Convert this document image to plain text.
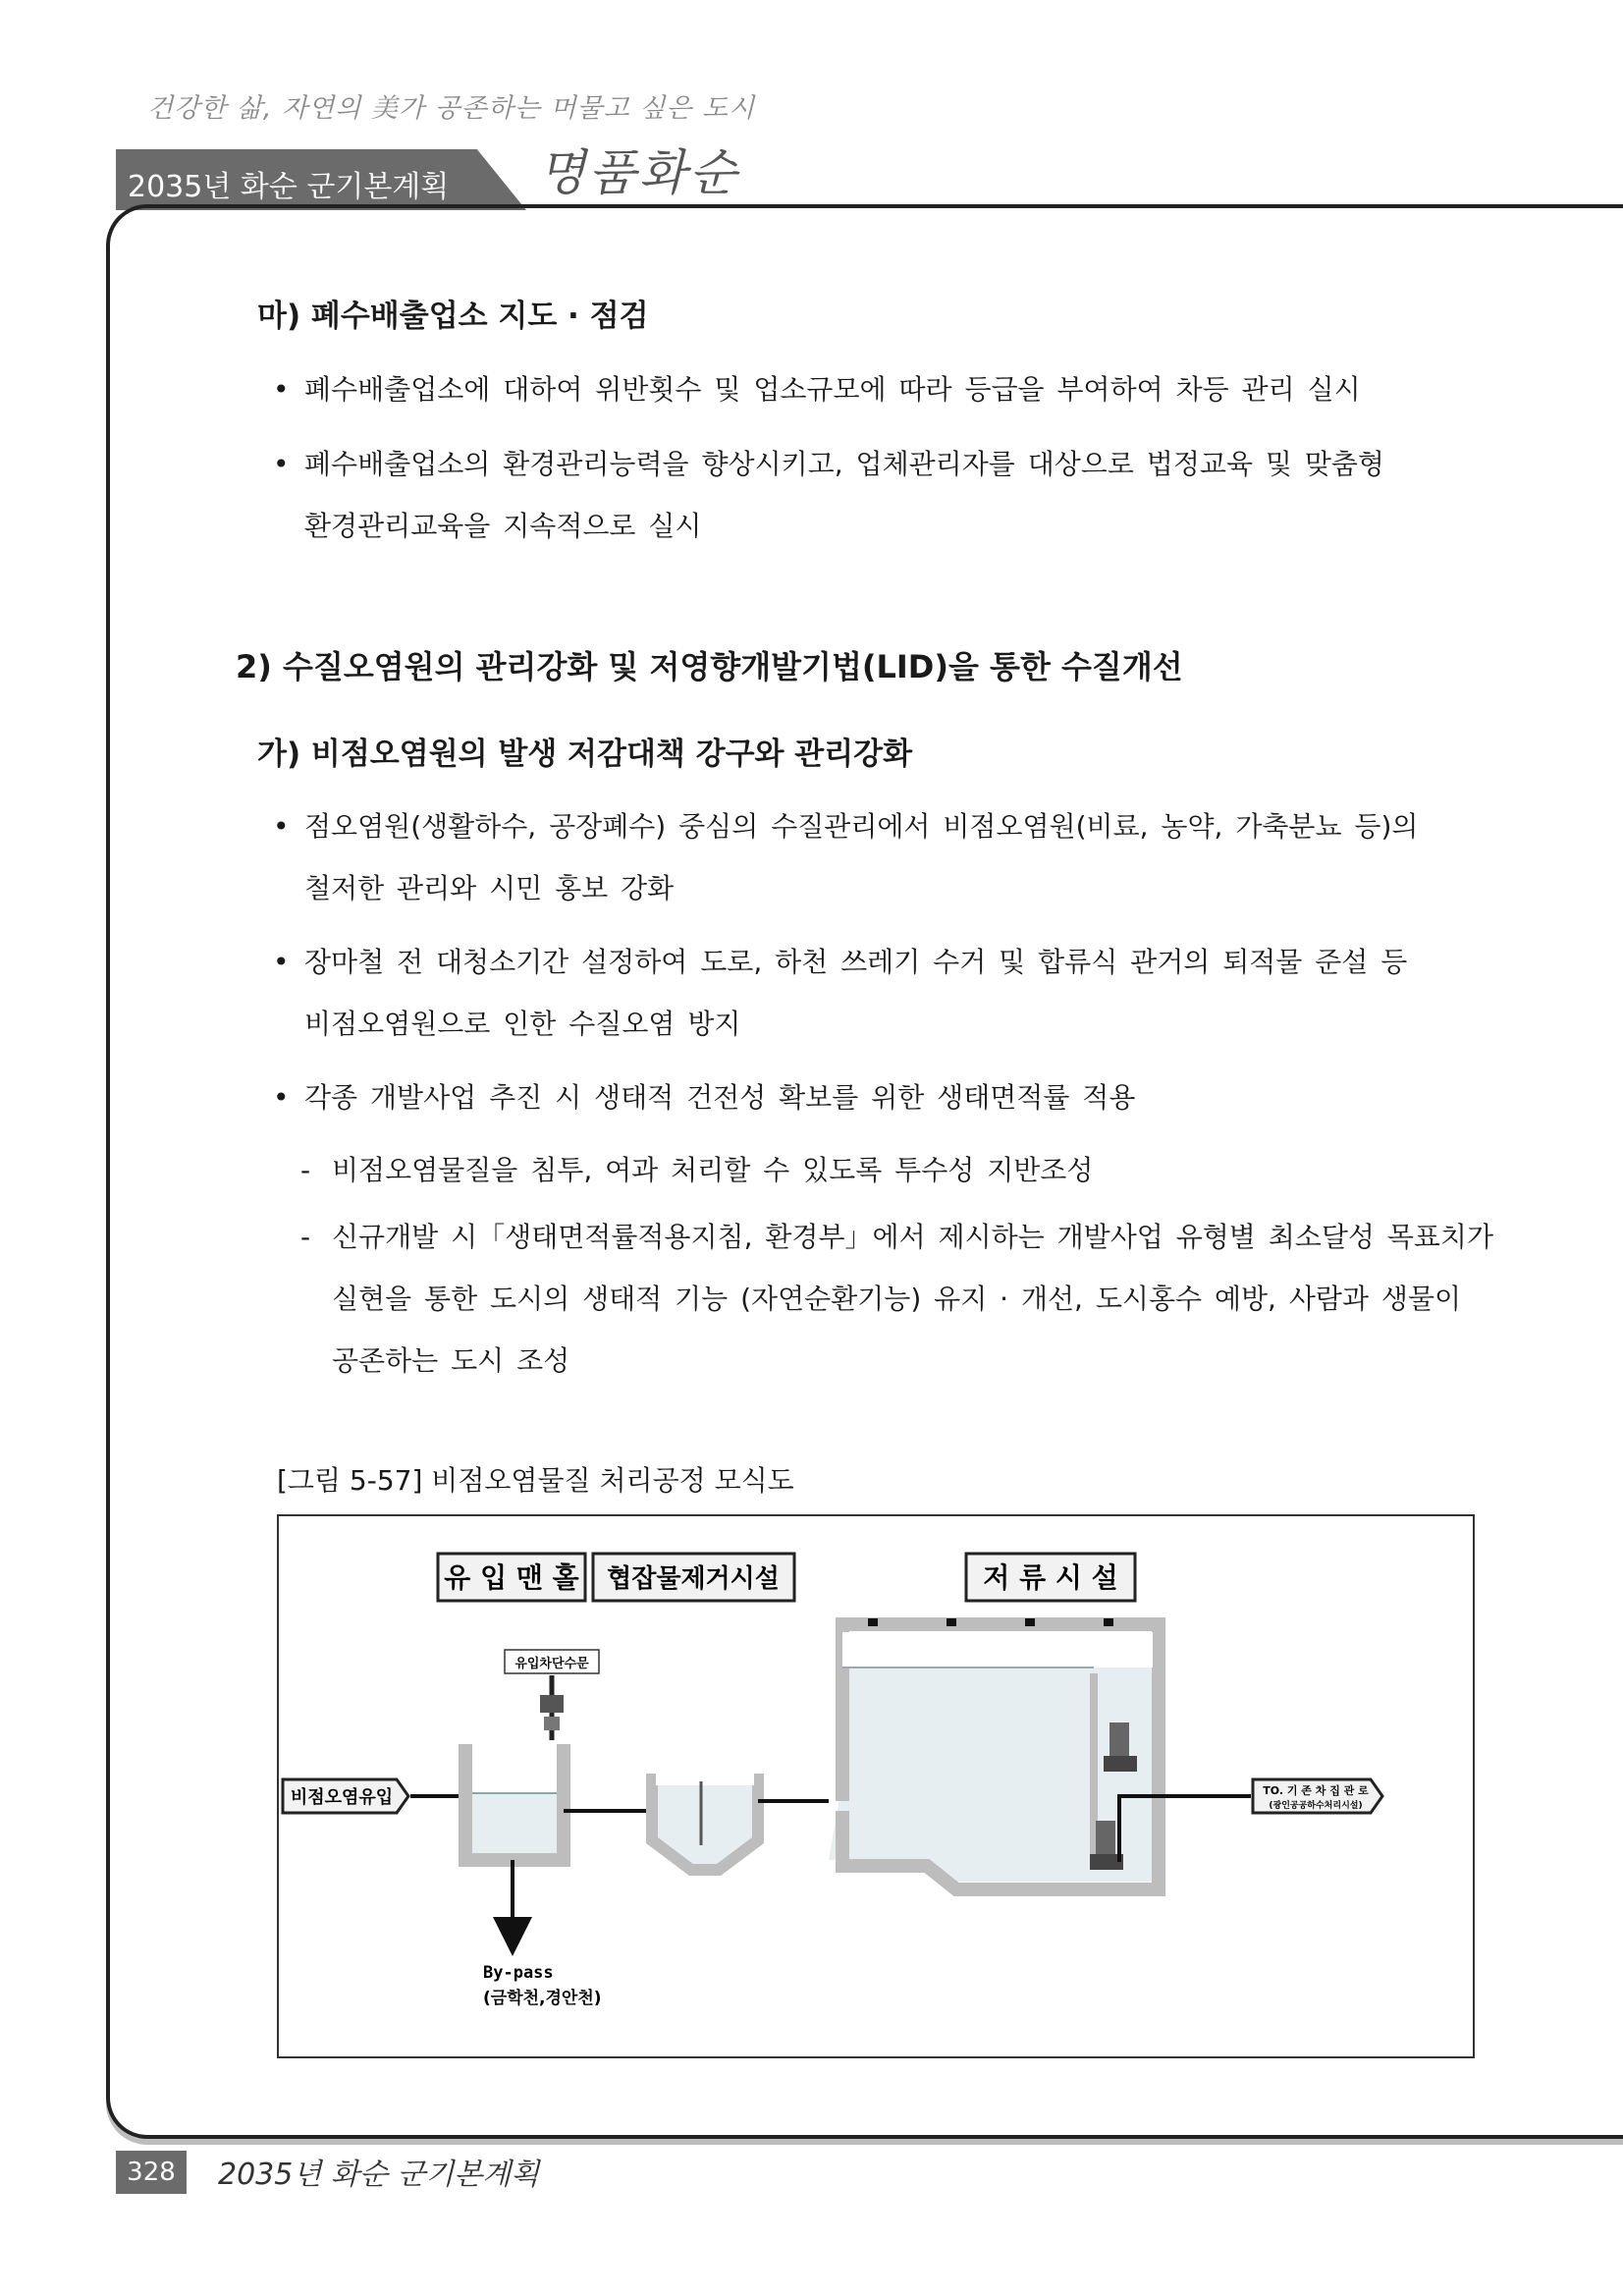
건강한 삶, 자연의 美가 공존하는 머물고 싶은 도시
2035년 화순 군기본계획 명품화순
마) 폐수배출업소 지도 · 점검
• 폐수배출업소에 대하여 위반횟수 및 업소규모에 따라 등급을 부여하여 차등 관리 실시
• 폐수배출업소의 환경관리능력을 향상시키고, 업체관리자를 대상으로 법정교육 및 맞춤형
환경관리교육을 지속적으로 실시
2) 수질오염원의 관리강화 및 저영향개발기법(LID)을 통한 수질개선
가) 비점오염원의 발생 저감대책 강구와 관리강화
• 점오염원(생활하수, 공장폐수) 중심의 수질관리에서 비점오염원(비료, 농약, 가축분뇨 등)의
철저한 관리와 시민 홍보 강화
• 장마철 전 대청소기간 설정하여 도로, 하천 쓰레기 수거 및 합류식 관거의 퇴적물 준설 등
비점오염원으로 인한 수질오염 방지
• 각종 개발사업 추진 시 생태적 건전성 확보를 위한 생태면적률 적용
- 비점오염물질을 침투, 여과 처리할 수 있도록 투수성 지반조성
- 신규개발 시「생태면적률적용지침, 환경부」에서 제시하는 개발사업 유형별 최소달성 목표치가
실현을 통한 도시의 생태적 기능 (자연순환기능) 유지 · 개선, 도시홍수 예방, 사람과 생물이
공존하는 도시 조성
[그림 5-57] 비점오염물질 처리공정 모식도
유 입 맨 홀 협잡물제거시설	저 류 시 설
유입차단수문
비점오염유입	TO. 기 존 차 집 관 로
(광인공공하수처리시설)
By-pass
(금학천,경안천)
328	2035년 화순 군기본계획
